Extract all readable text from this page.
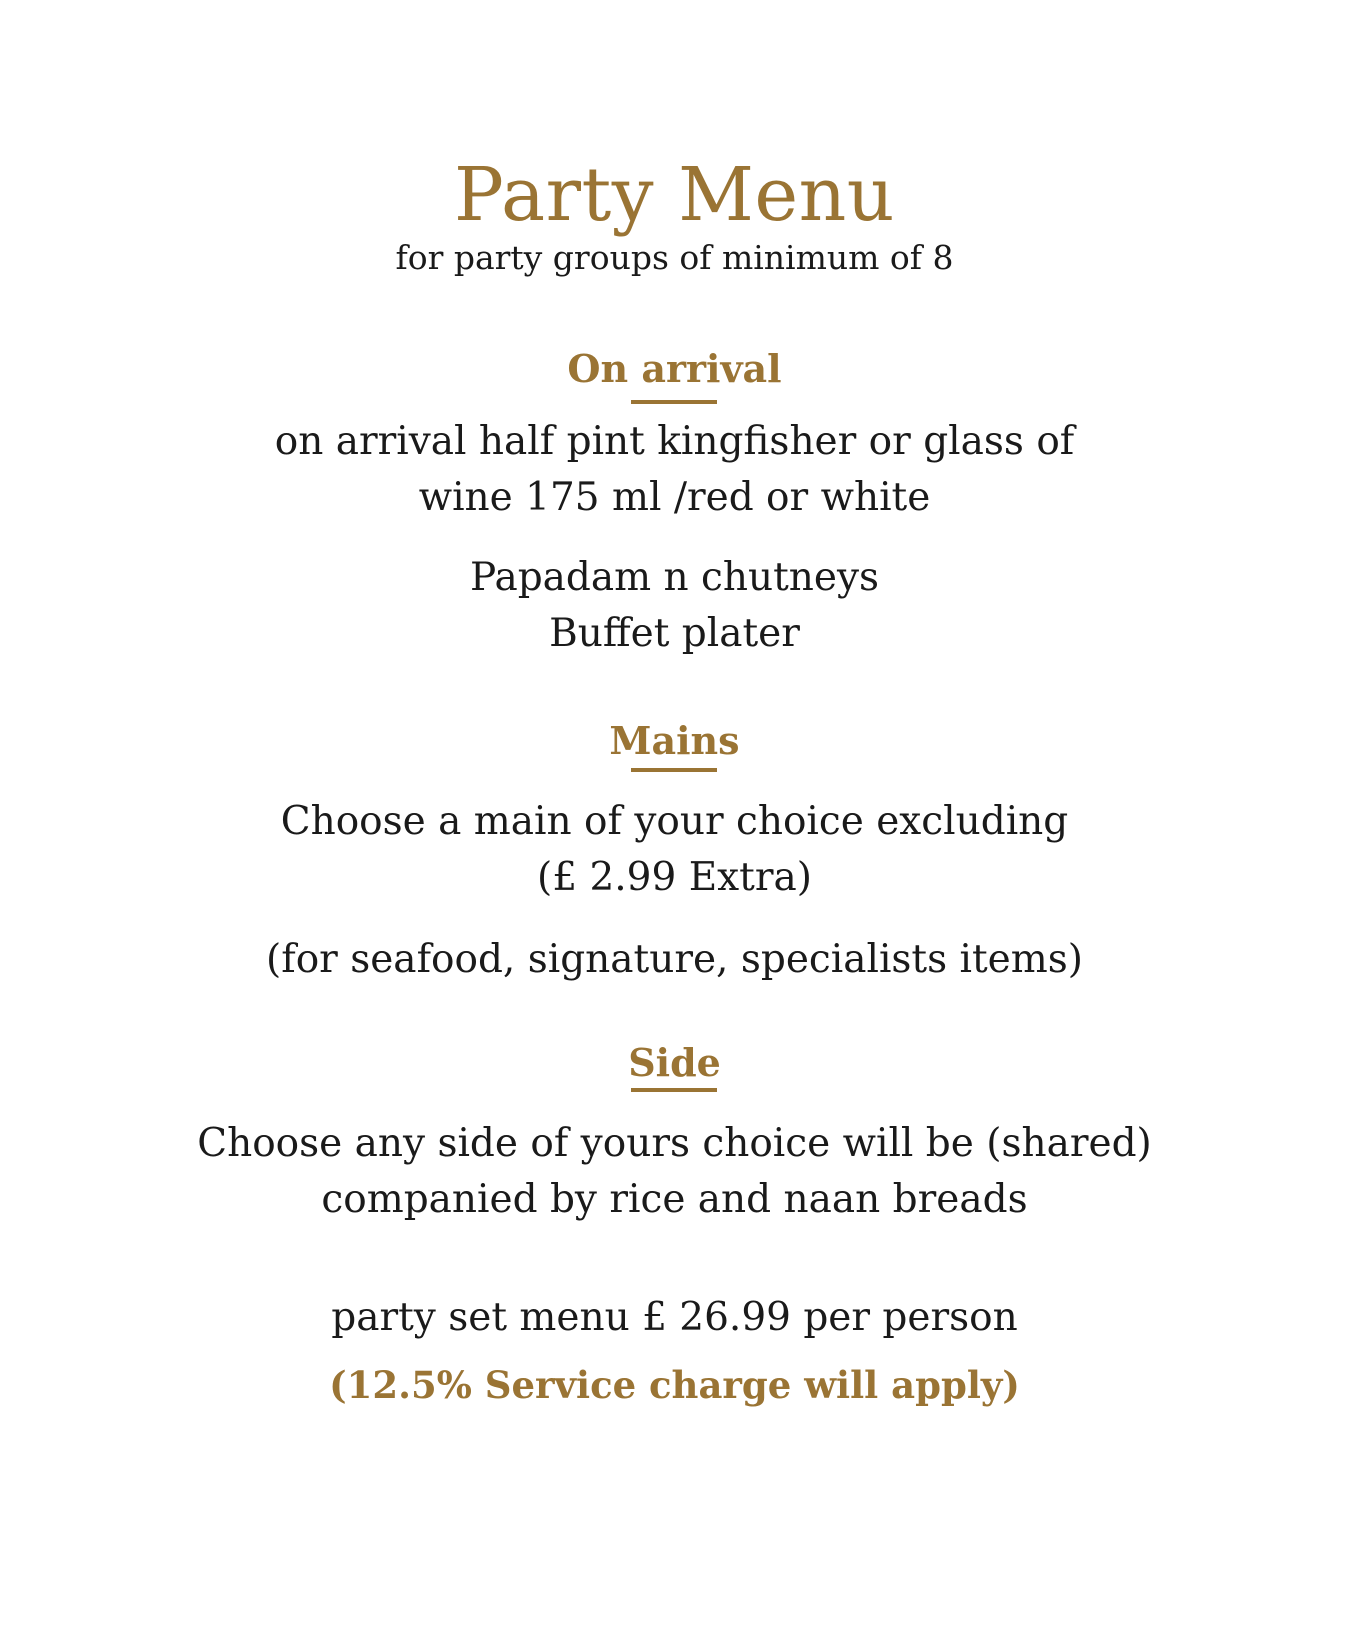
Party Menu
for party groups of minimum of 8
On arrival
on arrival half pint kingfisher or glass of
wine 175 ml /red or white
Papadam n chutneys
Buffet plater
Mains
Choose a main of your choice excluding
(£ 2.99 Extra)
(for seafood, signature, specialists items)
Side
Choose any side of yours choice will be (shared)
companied by rice and naan breads
party set menu £ 26.99 per person
(12.5% Service charge will apply)
